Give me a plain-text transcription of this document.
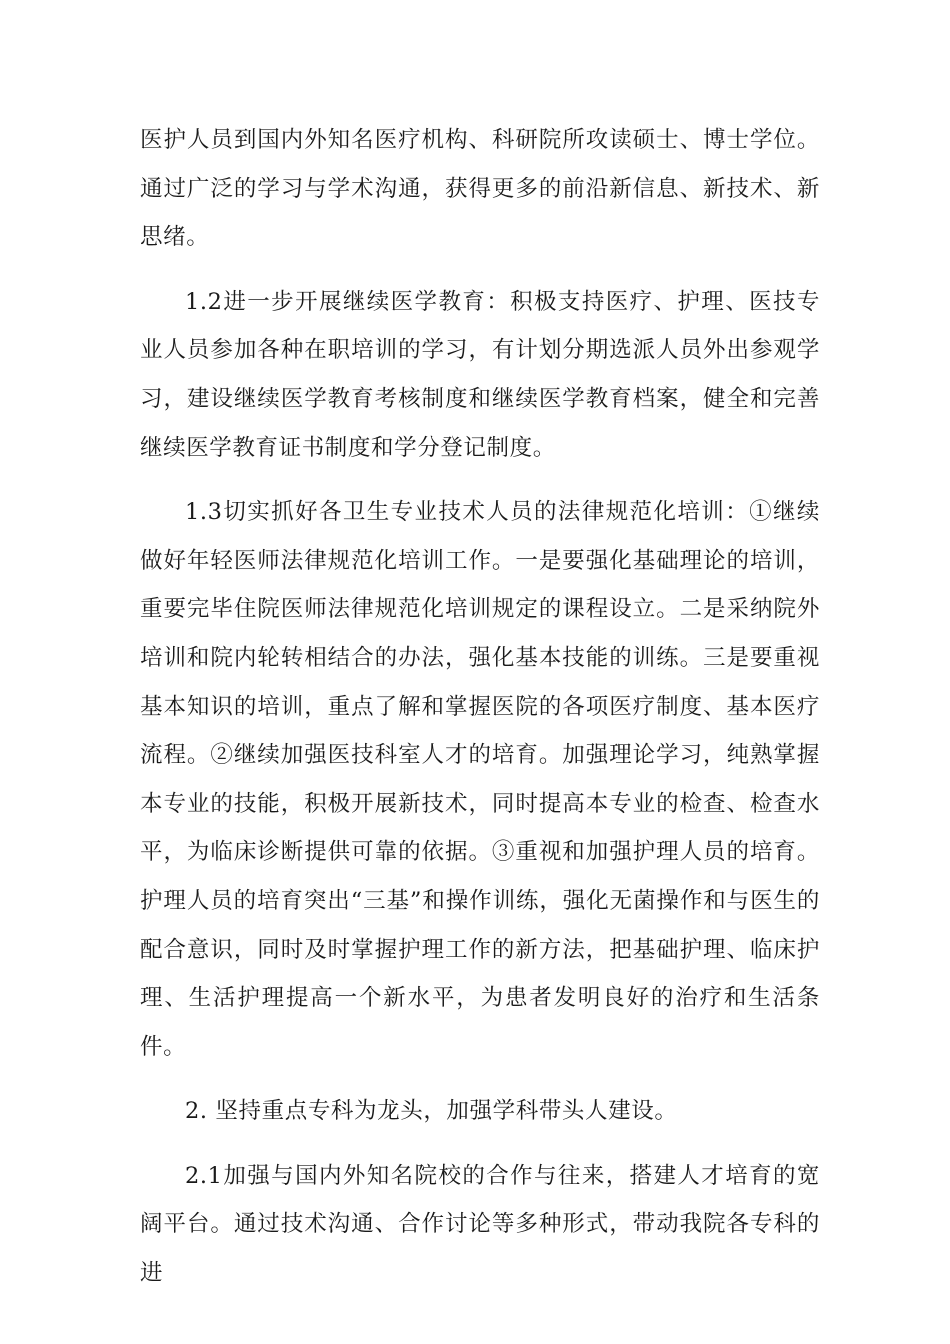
医护人员到国内外知名医疗机构、科研院所攻读硕士、博士学位。通过广泛的学习与学术沟通，获得更多的前沿新信息、新技术、新思绪。

1.2进一步开展继续医学教育：积极支持医疗、护理、医技专业人员参加各种在职培训的学习，有计划分期选派人员外出参观学习，建设继续医学教育考核制度和继续医学教育档案，健全和完善继续医学教育证书制度和学分登记制度。

1.3切实抓好各卫生专业技术人员的法律规范化培训：①继续做好年轻医师法律规范化培训工作。一是要强化基础理论的培训，重要完毕住院医师法律规范化培训规定的课程设立。二是采纳院外培训和院内轮转相结合的办法，强化基本技能的训练。三是要重视基本知识的培训，重点了解和掌握医院的各项医疗制度、基本医疗流程。②继续加强医技科室人才的培育。加强理论学习，纯熟掌握本专业的技能，积极开展新技术，同时提高本专业的检查、检查水平，为临床诊断提供可靠的依据。③重视和加强护理人员的培育。护理人员的培育突出“三基”和操作训练，强化无菌操作和与医生的配合意识，同时及时掌握护理工作的新方法，把基础护理、临床护理、生活护理提高一个新水平，为患者发明良好的治疗和生活条件。

2. 坚持重点专科为龙头，加强学科带头人建设。

2.1加强与国内外知名院校的合作与往来，搭建人才培育的宽阔平台。通过技术沟通、合作讨论等多种形式，带动我院各专科的进
